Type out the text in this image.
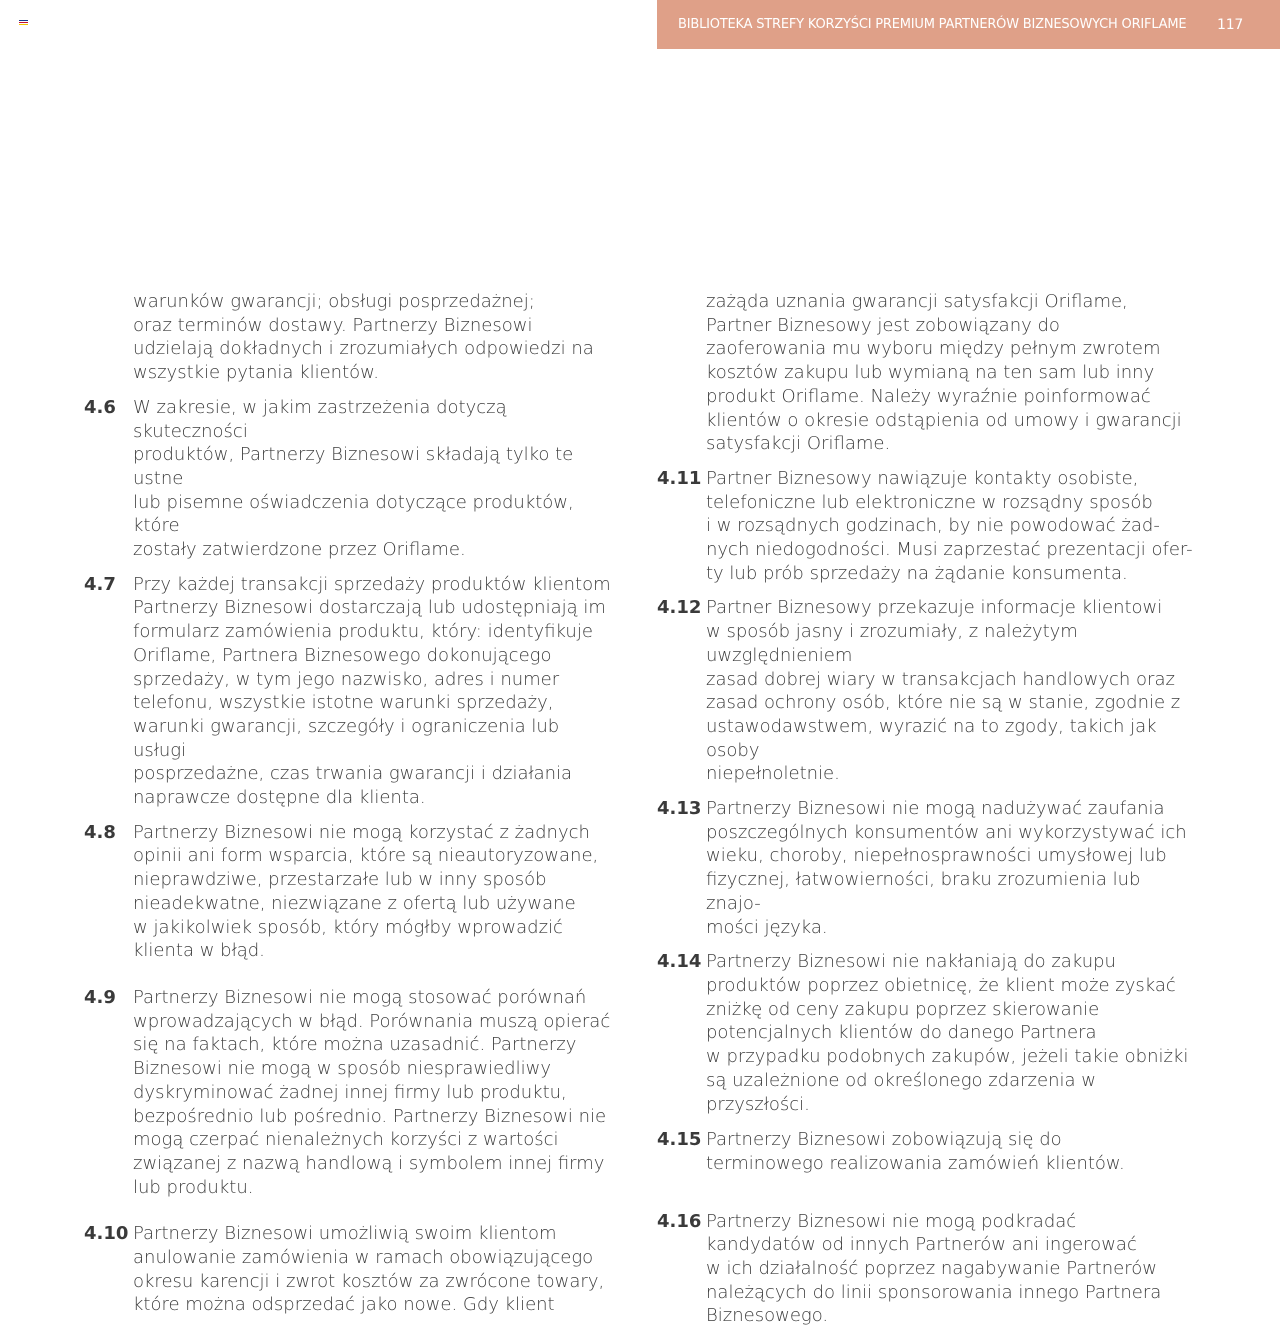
BIBLIOTEKA STREFY KORZYŚCI PREMIUM PARTNERÓW BIZNESOWYCH ORIFLAME 117
warunków gwarancji; obsługi posprzedażnej;
oraz terminów dostawy. Partnerzy Biznesowi
udzielają dokładnych i zrozumiałych odpowiedzi na
wszystkie pytania klientów.
4.6 W zakresie, w jakim zastrzeżenia dotyczą skuteczności
produktów, Partnerzy Biznesowi składają tylko te ustne
lub pisemne oświadczenia dotyczące produktów, które
zostały zatwierdzone przez Oriflame.
4.7 Przy każdej transakcji sprzedaży produktów klientom
Partnerzy Biznesowi dostarczają lub udostępniają im
formularz zamówienia produktu, który: identyfikuje
Oriflame, Partnera Biznesowego dokonującego
sprzedaży, w tym jego nazwisko, adres i numer
telefonu, wszystkie istotne warunki sprzedaży,
warunki gwarancji, szczegóły i ograniczenia lub usługi
posprzedażne, czas trwania gwarancji i działania
naprawcze dostępne dla klienta.
4.8 Partnerzy Biznesowi nie mogą korzystać z żadnych
opinii ani form wsparcia, które są nieautoryzowane,
nieprawdziwe, przestarzałe lub w inny sposób
nieadekwatne, niezwiązane z ofertą lub używane
w jakikolwiek sposób, który mógłby wprowadzić
klienta w błąd.
4.9 Partnerzy Biznesowi nie mogą stosować porównań
wprowadzających w błąd. Porównania muszą opierać
się na faktach, które można uzasadnić. Partnerzy
Biznesowi nie mogą w sposób niesprawiedliwy
dyskryminować żadnej innej firmy lub produktu,
bezpośrednio lub pośrednio. Partnerzy Biznesowi nie
mogą czerpać nienależnych korzyści z wartości
związanej z nazwą handlową i symbolem innej firmy
lub produktu.
4.10 Partnerzy Biznesowi umożliwią swoim klientom
anulowanie zamówienia w ramach obowiązującego
okresu karencji i zwrot kosztów za zwrócone towary,
które można odsprzedać jako nowe. Gdy klient
zażąda uznania gwarancji satysfakcji Oriflame,
Partner Biznesowy jest zobowiązany do
zaoferowania mu wyboru między pełnym zwrotem
kosztów zakupu lub wymianą na ten sam lub inny
produkt Oriflame. Należy wyraźnie poinformować
klientów o okresie odstąpienia od umowy i gwarancji
satysfakcji Oriflame.
4.11 Partner Biznesowy nawiązuje kontakty osobiste,
telefoniczne lub elektroniczne w rozsądny sposób
i w rozsądnych godzinach, by nie powodować żad-
nych niedogodności. Musi zaprzestać prezentacji ofer-
ty lub prób sprzedaży na żądanie konsumenta.
4.12 Partner Biznesowy przekazuje informacje klientowi
w sposób jasny i zrozumiały, z należytym uwzględnieniem
zasad dobrej wiary w transakcjach handlowych oraz
zasad ochrony osób, które nie są w stanie, zgodnie z
ustawodawstwem, wyrazić na to zgody, takich jak osoby
niepełnoletnie.
4.13 Partnerzy Biznesowi nie mogą nadużywać zaufania
poszczególnych konsumentów ani wykorzystywać ich
wieku, choroby, niepełnosprawności umysłowej lub
fizycznej, łatwowierności, braku zrozumienia lub znajo-
mości języka.
4.14 Partnerzy Biznesowi nie nakłaniają do zakupu
produktów poprzez obietnicę, że klient może zyskać
zniżkę od ceny zakupu poprzez skierowanie
potencjalnych klientów do danego Partnera
w przypadku podobnych zakupów, jeżeli takie obniżki
są uzależnione od określonego zdarzenia w przyszłości.
4.15 Partnerzy Biznesowi zobowiązują się do
terminowego realizowania zamówień klientów.
4.16 Partnerzy Biznesowi nie mogą podkradać
kandydatów od innych Partnerów ani ingerować
w ich działalność poprzez nagabywanie Partnerów
należących do linii sponsorowania innego Partnera
Biznesowego.
